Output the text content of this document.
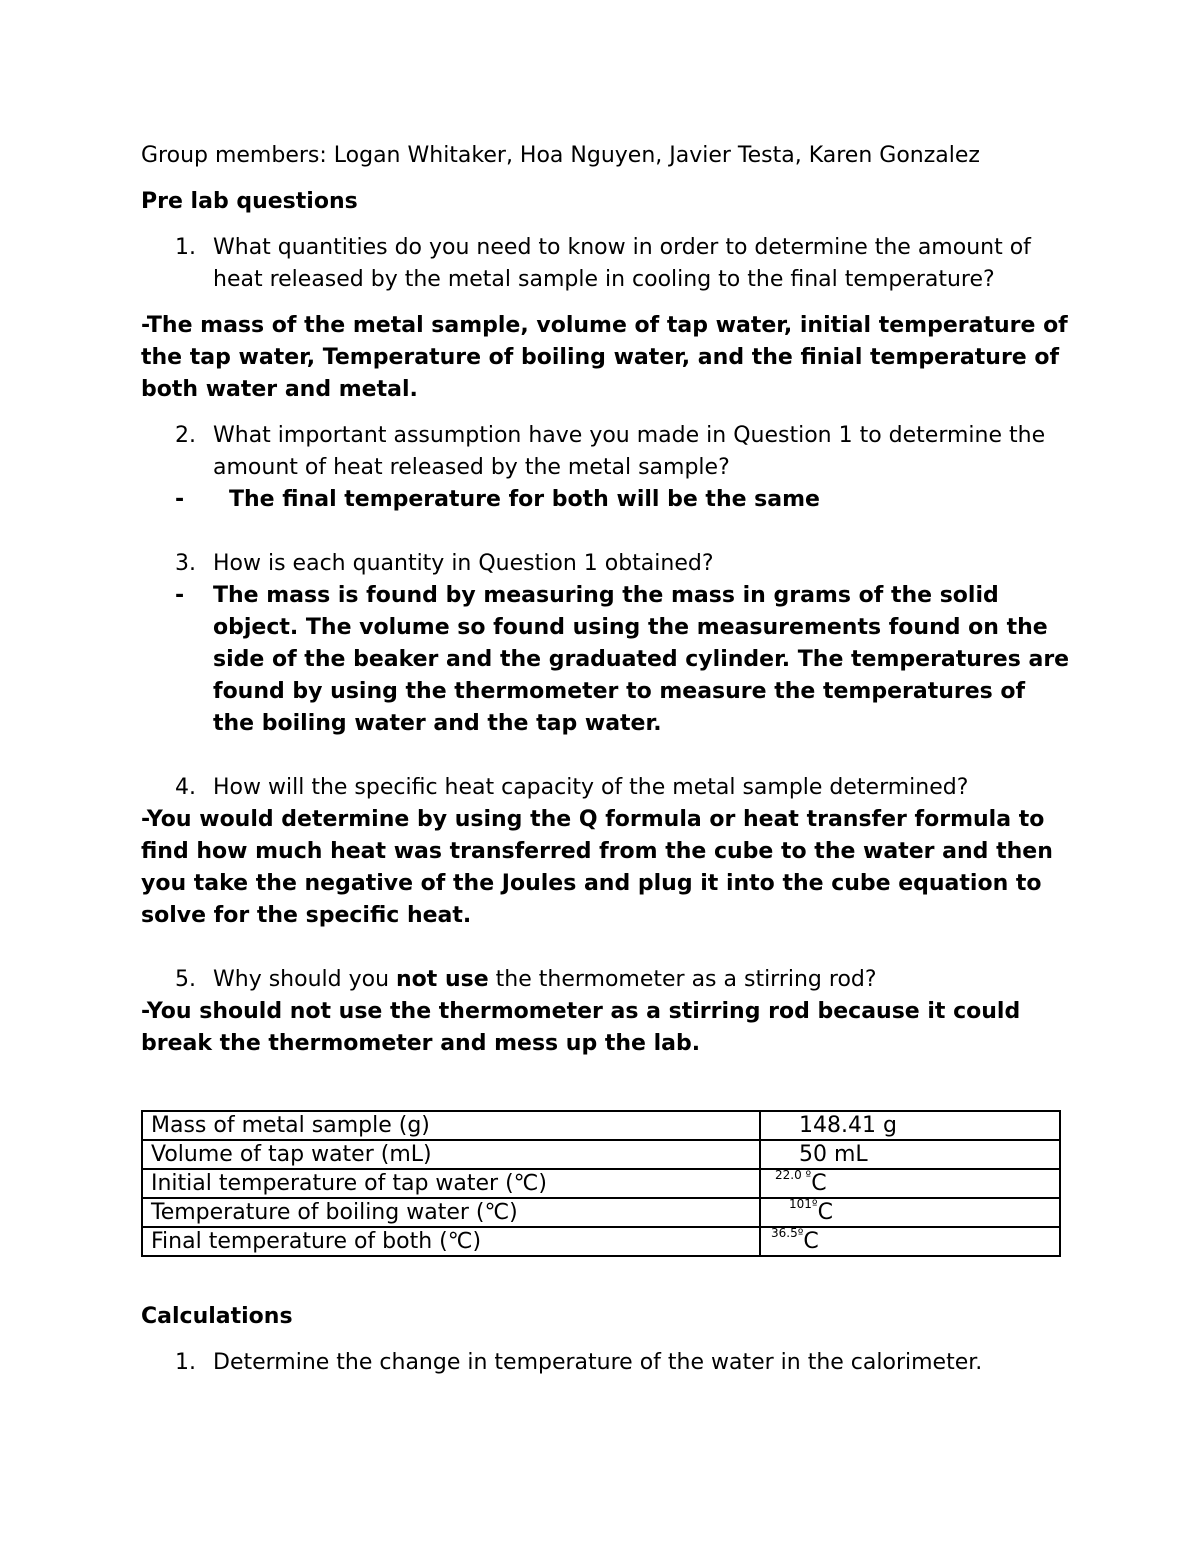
Group members: Logan Whitaker, Hoa Nguyen, Javier Testa, Karen Gonzalez

Pre lab questions

1. What quantities do you need to know in order to determine the amount of heat released by the metal sample in cooling to the final temperature?

-The mass of the metal sample, volume of tap water, initial temperature of the tap water, Temperature of boiling water, and the finial temperature of both water and metal.

2. What important assumption have you made in Question 1 to determine the amount of heat released by the metal sample?
-	The final temperature for both will be the same
3. How is each quantity in Question 1 obtained?
-	The mass is found by measuring the mass in grams of the solid object. The volume so found using the measurements found on the side of the beaker and the graduated cylinder. The temperatures are found by using the thermometer to measure the temperatures of the boiling water and the tap water.
4. How will the specific heat capacity of the metal sample determined?

-You would determine by using the Q formula or heat transfer formula to find how much heat was transferred from the cube to the water and then you take the negative of the Joules and plug it into the cube equation to solve for the specific heat.

5. Why should you not use the thermometer as a stirring rod?

-You should not use the thermometer as a stirring rod because it could break the thermometer and mess up the lab.

Mass of metal sample (g)	148.41 g
Volume of tap water (mL)	50 mL
Initial temperature of tap water (℃)	$^{22.0 º}$C
Temperature of boiling water (℃)	$^{101º}$C
Final temperature of both (℃)	$^{36.5º}$C

Calculations

1. Determine the change in temperature of the water in the calorimeter.
